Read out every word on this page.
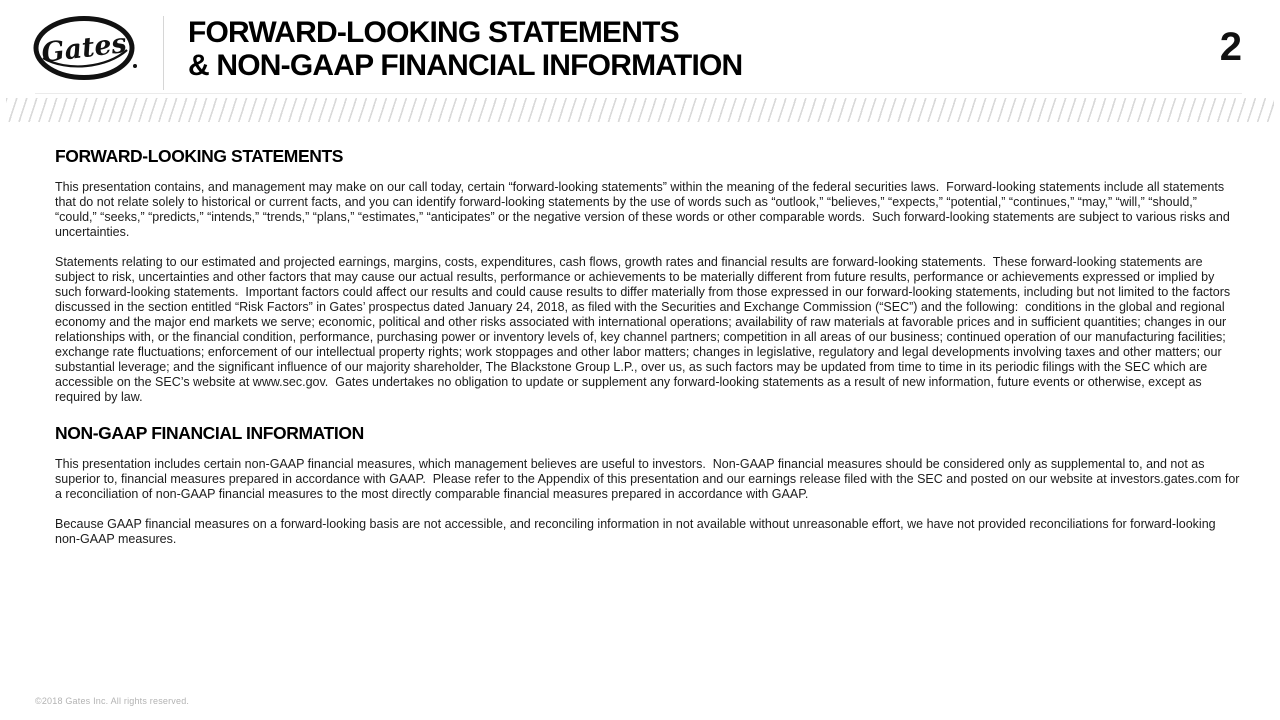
Gates FORWARD-LOOKING STATEMENTS
& NON-GAAP FINANCIAL INFORMATION	2
FORWARD-LOOKING STATEMENTS

This presentation contains, and management may make on our call today, certain “forward-looking statements” within the meaning of the federal securities laws.  Forward-looking statements include all statements that do not relate solely to historical or current facts, and you can identify forward-looking statements by the use of words such as “outlook,” “believes,” “expects,” “potential,” “continues,” “may,” “will,” “should,” “could,” “seeks,” “predicts,” “intends,” “trends,” “plans,” “estimates,” “anticipates” or the negative version of these words or other comparable words.  Such forward-looking statements are subject to various risks and uncertainties.

Statements relating to our estimated and projected earnings, margins, costs, expenditures, cash flows, growth rates and financial results are forward-looking statements.  These forward-looking statements are subject to risk, uncertainties and other factors that may cause our actual results, performance or achievements to be materially different from future results, performance or achievements expressed or implied by such forward-looking statements.  Important factors could affect our results and could cause results to differ materially from those expressed in our forward-looking statements, including but not limited to the factors discussed in the section entitled “Risk Factors” in Gates’ prospectus dated January 24, 2018, as filed with the Securities and Exchange Commission (“SEC”) and the following:  conditions in the global and regional economy and the major end markets we serve; economic, political and other risks associated with international operations; availability of raw materials at favorable prices and in sufficient quantities; changes in our relationships with, or the financial condition, performance, purchasing power or inventory levels of, key channel partners; competition in all areas of our business; continued operation of our manufacturing facilities; exchange rate fluctuations; enforcement of our intellectual property rights; work stoppages and other labor matters; changes in legislative, regulatory and legal developments involving taxes and other matters; our substantial leverage; and the significant influence of our majority shareholder, The Blackstone Group L.P., over us, as such factors may be updated from time to time in its periodic filings with the SEC which are accessible on the SEC’s website at www.sec.gov.  Gates undertakes no obligation to update or supplement any forward-looking statements as a result of new information, future events or otherwise, except as required by law.

NON-GAAP FINANCIAL INFORMATION

This presentation includes certain non-GAAP financial measures, which management believes are useful to investors.  Non-GAAP financial measures should be considered only as supplemental to, and not as superior to, financial measures prepared in accordance with GAAP.  Please refer to the Appendix of this presentation and our earnings release filed with the SEC and posted on our website at investors.gates.com for a reconciliation of non-GAAP financial measures to the most directly comparable financial measures prepared in accordance with GAAP.

Because GAAP financial measures on a forward-looking basis are not accessible, and reconciling information in not available without unreasonable effort, we have not provided reconciliations for forward-looking non-GAAP measures.

©2018 Gates Inc. All rights reserved.
